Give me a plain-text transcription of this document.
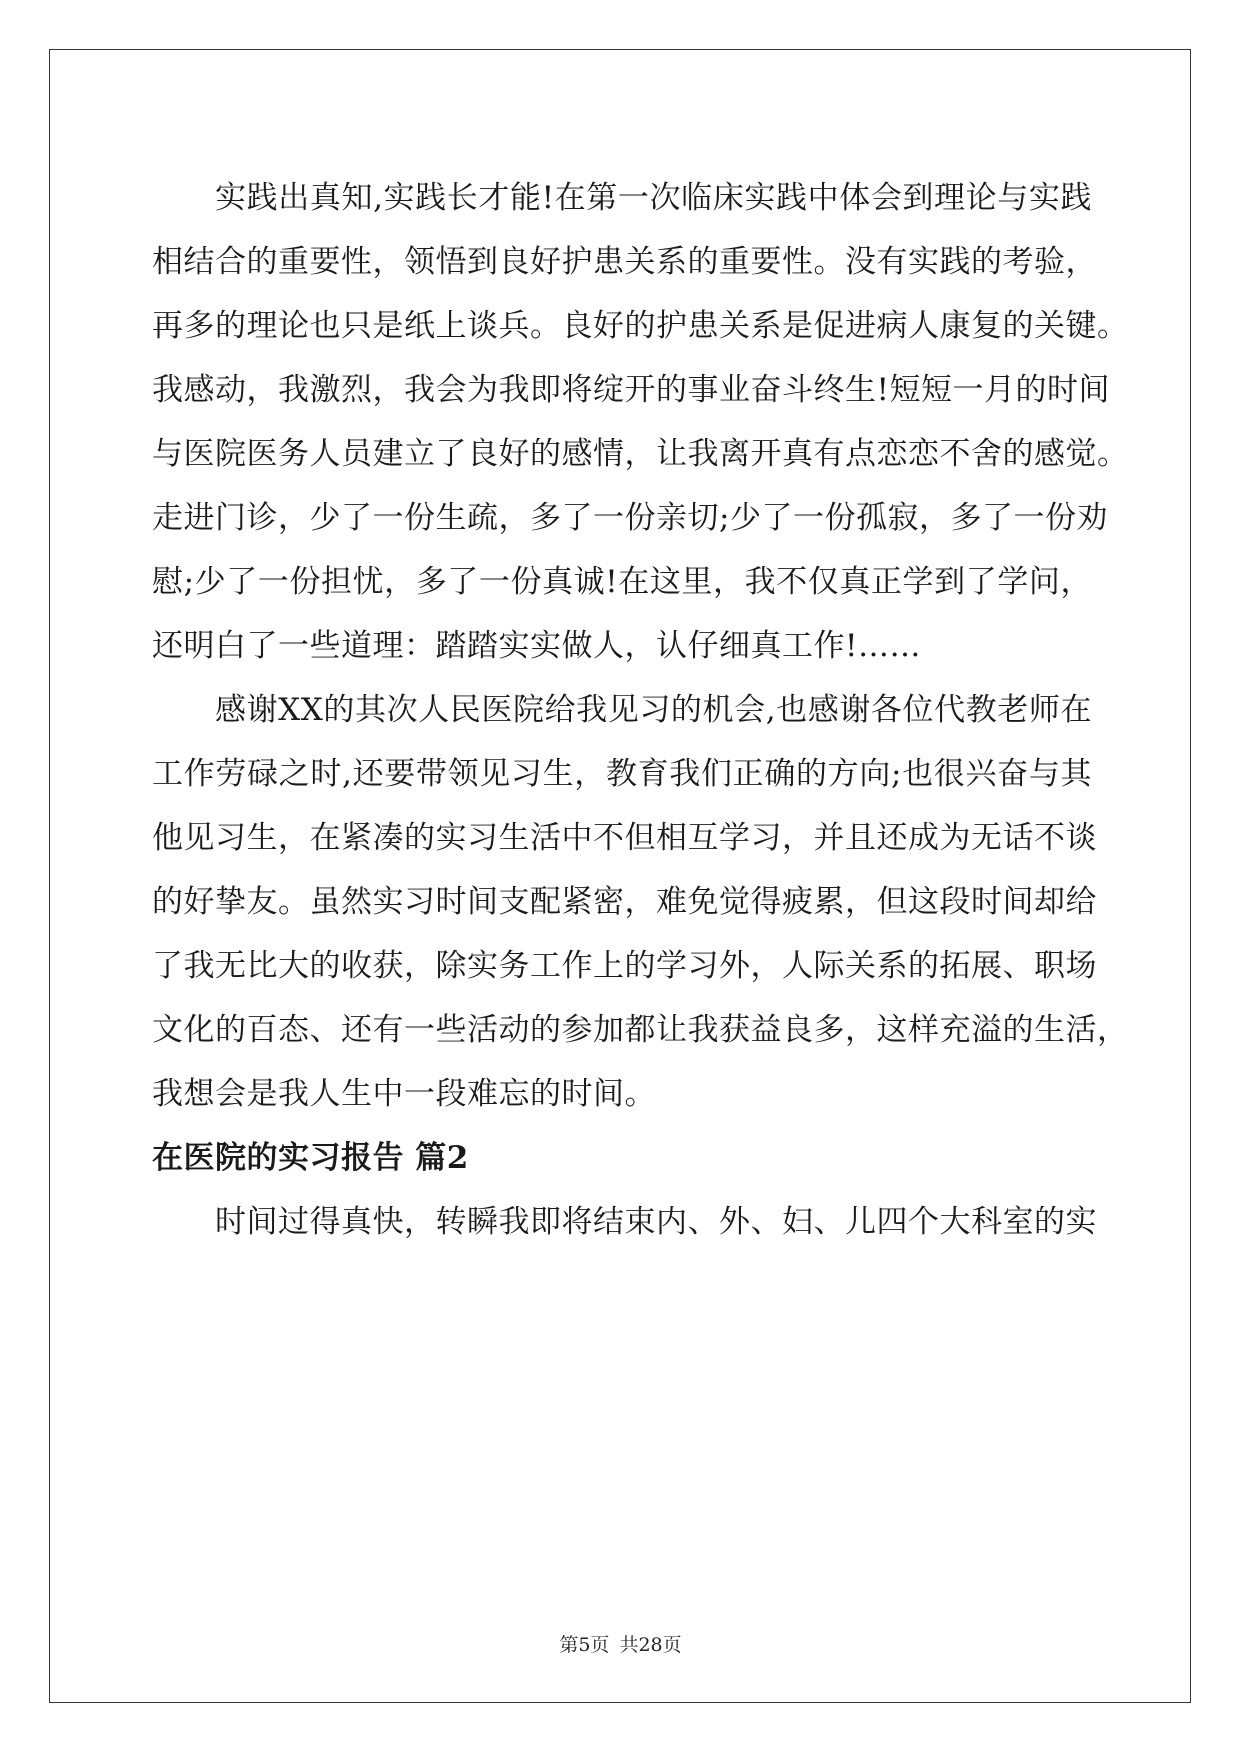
实践出真知,实践长才能!在第一次临床实践中体会到理论与实践

相结合的重要性，领悟到良好护患关系的重要性。没有实践的考验，

再多的理论也只是纸上谈兵。良好的护患关系是促进病人康复的关键。

我感动，我激烈，我会为我即将绽开的事业奋斗终生!短短一月的时间

与医院医务人员建立了良好的感情，让我离开真有点恋恋不舍的感觉。

走进门诊，少了一份生疏，多了一份亲切;少了一份孤寂，多了一份劝

慰;少了一份担忧，多了一份真诚!在这里，我不仅真正学到了学问，

还明白了一些道理：踏踏实实做人，认仔细真工作!……

感谢XX的其次人民医院给我见习的机会,也感谢各位代教老师在

工作劳碌之时,还要带领见习生，教育我们正确的方向;也很兴奋与其

他见习生，在紧凑的实习生活中不但相互学习，并且还成为无话不谈

的好挚友。虽然实习时间支配紧密，难免觉得疲累，但这段时间却给

了我无比大的收获，除实务工作上的学习外，人际关系的拓展、职场

文化的百态、还有一些活动的参加都让我获益良多，这样充溢的生活，

我想会是我人生中一段难忘的时间。

在医院的实习报告 篇2

时间过得真快，转瞬我即将结束内、外、妇、儿四个大科室的实

第5页 共28页
